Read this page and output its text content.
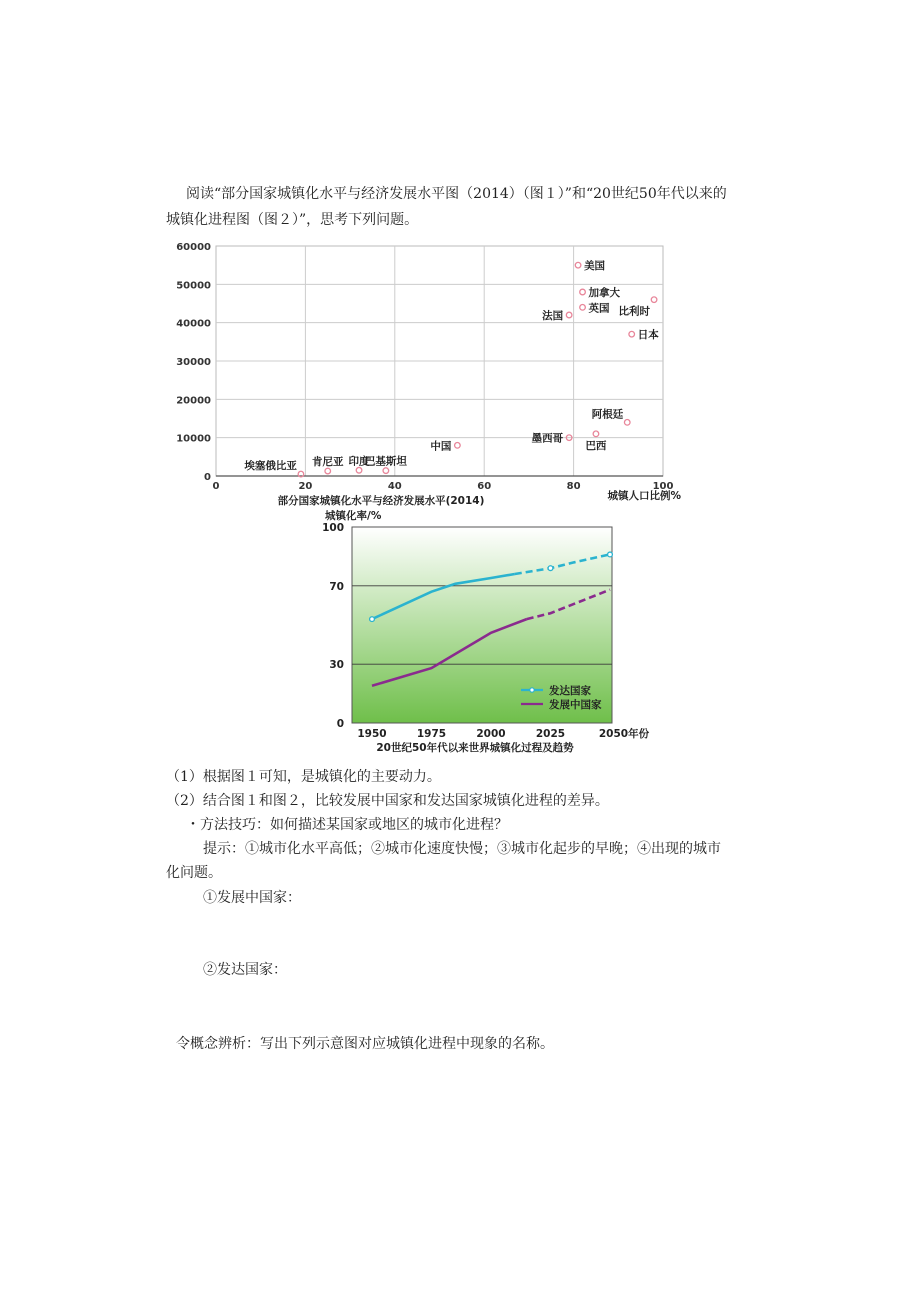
阅读“部分国家城镇化水平与经济发展水平图（2014）（图１）”和“20世纪50年代以来的
城镇化进程图（图２）”，思考下列问题。
0	20	40	60	80	100
0
10000
20000
30000
40000
50000
60000
美国
加拿大
英国
法国	比利时
日本
阿根廷
巴西
墨西哥
中国
埃塞俄比亚 肯尼亚 印度
巴基斯坦
部分国家城镇化水平与经济发展水平(2014)	城镇人口比例%
城镇化率/%
0
30
70
100
1950	1975	2000	2025	2050年份
发达国家
发展中国家
20世纪50年代以来世界城镇化过程及趋势
（1）根据图１可知，是城镇化的主要动力。
（2）结合图１和图２，比较发展中国家和发达国家城镇化进程的差异。
・方法技巧：如何描述某国家或地区的城市化进程？
提示：①城市化水平高低；②城市化速度快慢；③城市化起步的早晚；④出现的城市
化问题。
①发展中国家：
②发达国家：
令概念辨析：写出下列示意图对应城镇化进程中现象的名称。
